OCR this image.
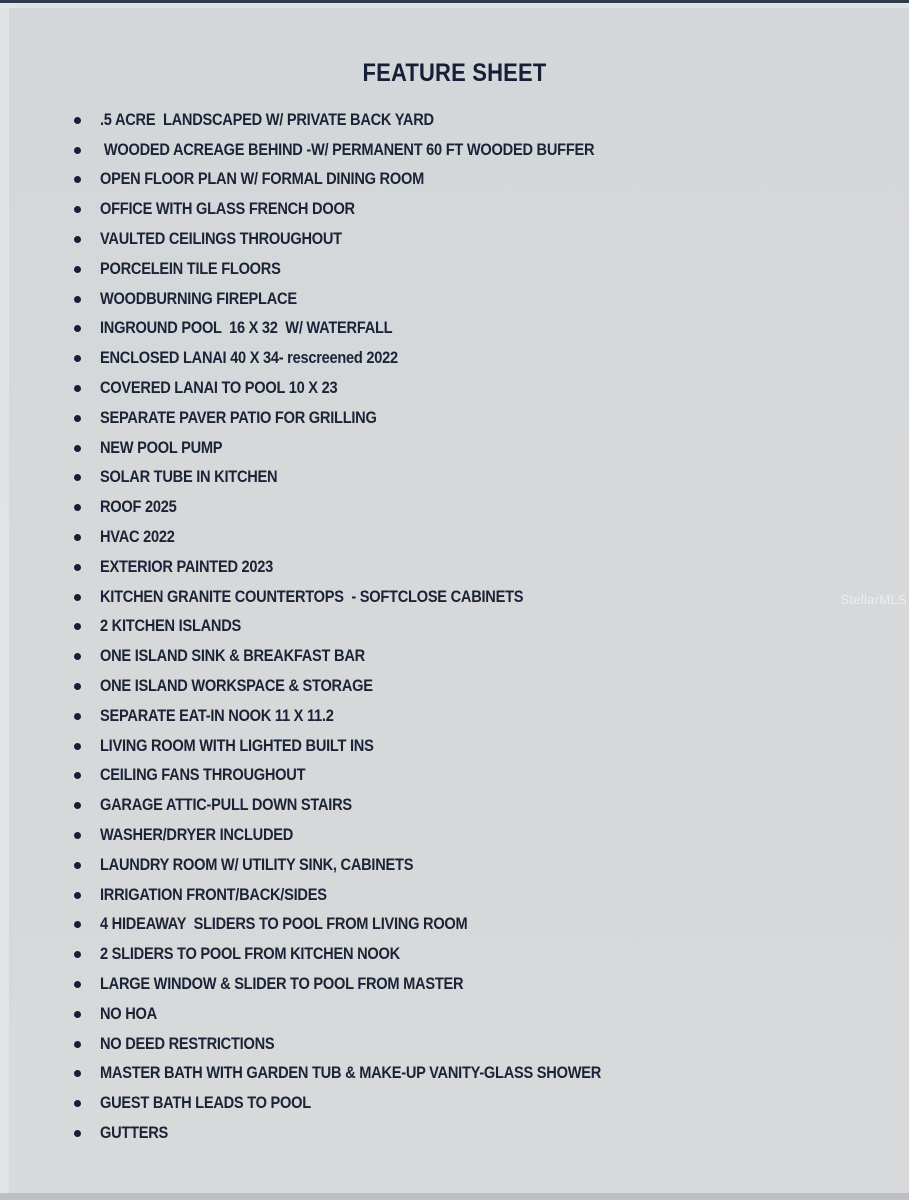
FEATURE SHEET
.5 ACRE  LANDSCAPED W/ PRIVATE BACK YARD
WOODED ACREAGE BEHIND -W/ PERMANENT 60 FT WOODED BUFFER
OPEN FLOOR PLAN W/ FORMAL DINING ROOM
OFFICE WITH GLASS FRENCH DOOR
VAULTED CEILINGS THROUGHOUT
PORCELEIN TILE FLOORS
WOODBURNING FIREPLACE
INGROUND POOL  16 X 32  W/ WATERFALL
ENCLOSED LANAI 40 X 34- rescreened 2022
COVERED LANAI TO POOL 10 X 23
SEPARATE PAVER PATIO FOR GRILLING
NEW POOL PUMP
SOLAR TUBE IN KITCHEN
ROOF 2025
HVAC 2022
EXTERIOR PAINTED 2023
KITCHEN GRANITE COUNTERTOPS  - SOFTCLOSE CABINETS
2 KITCHEN ISLANDS
ONE ISLAND SINK & BREAKFAST BAR
ONE ISLAND WORKSPACE & STORAGE
SEPARATE EAT-IN NOOK 11 X 11.2
LIVING ROOM WITH LIGHTED BUILT INS
CEILING FANS THROUGHOUT
GARAGE ATTIC-PULL DOWN STAIRS
WASHER/DRYER INCLUDED
LAUNDRY ROOM W/ UTILITY SINK, CABINETS
IRRIGATION FRONT/BACK/SIDES
4 HIDEAWAY  SLIDERS TO POOL FROM LIVING ROOM
2 SLIDERS TO POOL FROM KITCHEN NOOK
LARGE WINDOW & SLIDER TO POOL FROM MASTER
NO HOA
NO DEED RESTRICTIONS
MASTER BATH WITH GARDEN TUB & MAKE-UP VANITY-GLASS SHOWER
GUEST BATH LEADS TO POOL
GUTTERS
StellarMLS
